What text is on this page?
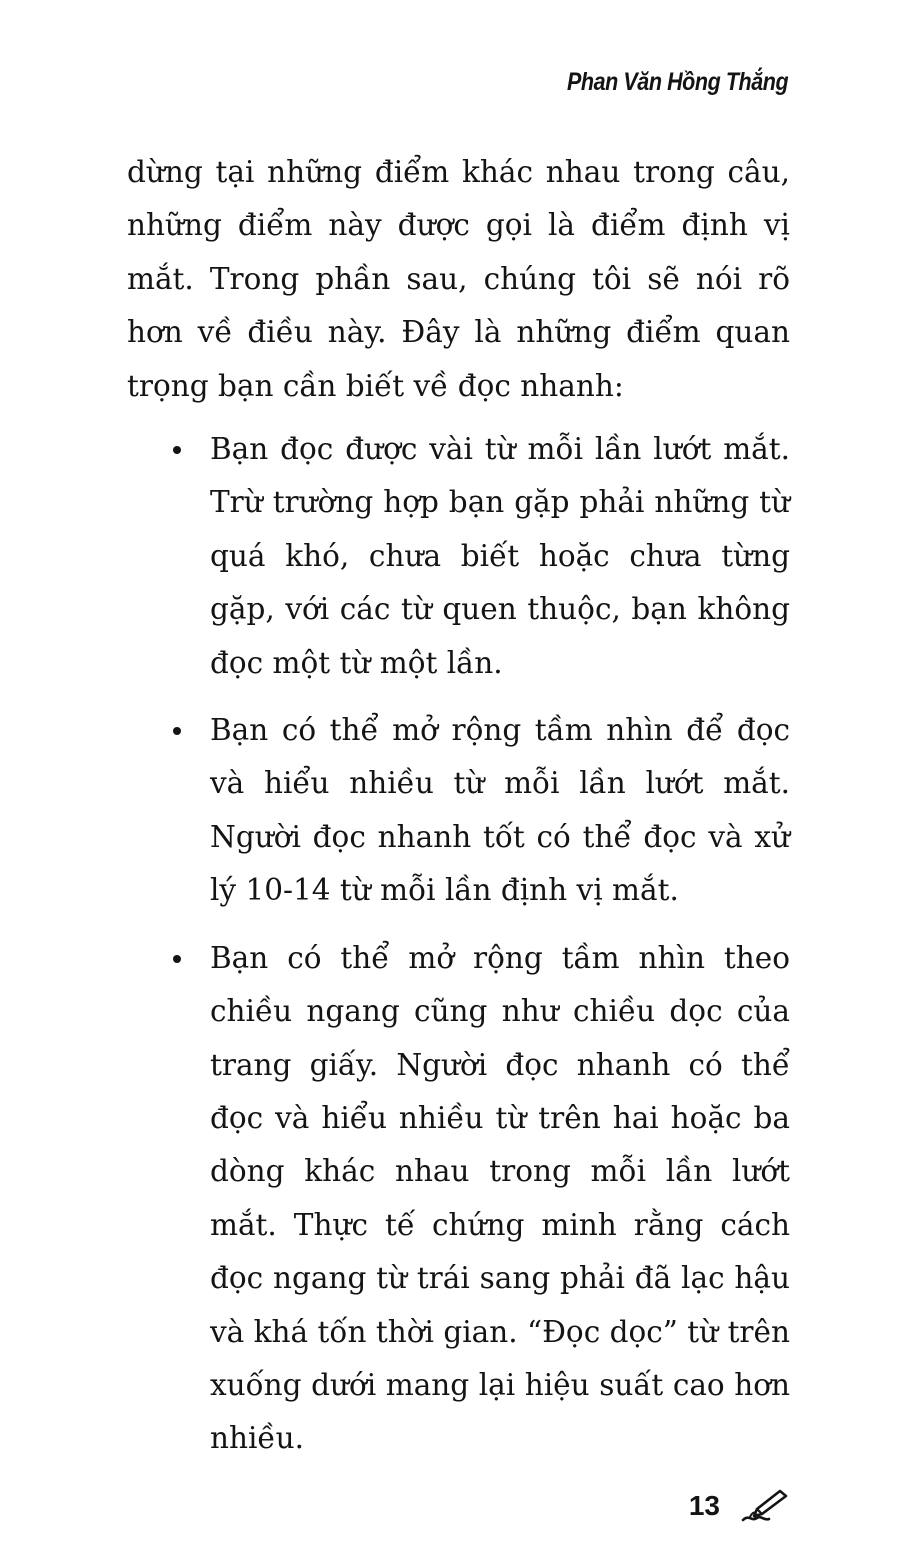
Phan Văn Hồng Thắng

dừng tại những điểm khác nhau trong câu, những điểm này được gọi là điểm định vị mắt. Trong phần sau, chúng tôi sẽ nói rõ hơn về điều này. Đây là những điểm quan trọng bạn cần biết về đọc nhanh:

Bạn đọc được vài từ mỗi lần lướt mắt. Trừ trường hợp bạn gặp phải những từ quá khó, chưa biết hoặc chưa từng gặp, với các từ quen thuộc, bạn không đọc một từ một lần.
Bạn có thể mở rộng tầm nhìn để đọc và hiểu nhiều từ mỗi lần lướt mắt. Người đọc nhanh tốt có thể đọc và xử lý 10-14 từ mỗi lần định vị mắt.
Bạn có thể mở rộng tầm nhìn theo chiều ngang cũng như chiều dọc của trang giấy. Người đọc nhanh có thể đọc và hiểu nhiều từ trên hai hoặc ba dòng khác nhau trong mỗi lần lướt mắt. Thực tế chứng minh rằng cách đọc ngang từ trái sang phải đã lạc hậu và khá tốn thời gian. “Đọc dọc” từ trên xuống dưới mang lại hiệu suất cao hơn nhiều.
13
